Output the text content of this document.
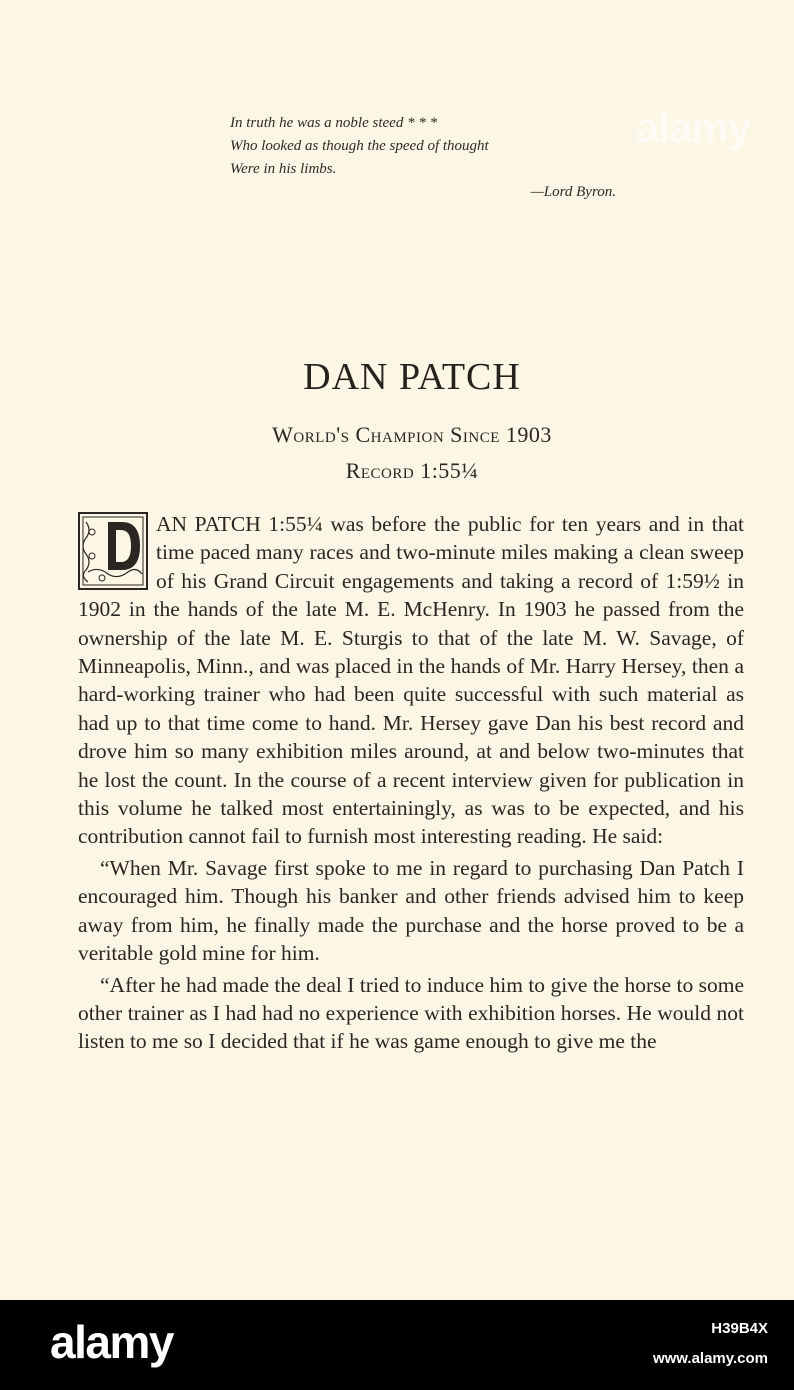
In truth he was a noble steed * * *
Who looked as though the speed of thought
Were in his limbs.
—Lord Byron.
alamy
DAN PATCH
World's Champion Since 1903
Record 1:55¼

D
AN PATCH 1:55¼ was before the public for ten years and in that time paced many races and two-minute miles making a clean sweep of his Grand Circuit engagements and taking a record of 1:59½ in 1902 in the hands of the late M. E. McHenry. In 1903 he passed from the ownership of the late M. E. Sturgis to that of the late M. W. Savage, of Minneapolis, Minn., and was placed in the hands of Mr. Harry Hersey, then a hard-working trainer who had been quite successful with such material as had up to that time come to hand. Mr. Hersey gave Dan his best record and drove him so many exhibition miles around, at and below two-minutes that he lost the count. In the course of a recent interview given for publication in this volume he talked most entertainingly, as was to be expected, and his contribution cannot fail to furnish most interesting reading. He said:

“When Mr. Savage first spoke to me in regard to purchasing Dan Patch I encouraged him. Though his banker and other friends advised him to keep away from him, he finally made the purchase and the horse proved to be a veritable gold mine for him.

“After he had made the deal I tried to induce him to give the horse to some other trainer as I had had no experience with exhibition horses. He would not listen to me so I decided that if he was game enough to give me the

alamy	H39B4X
www.alamy.com
